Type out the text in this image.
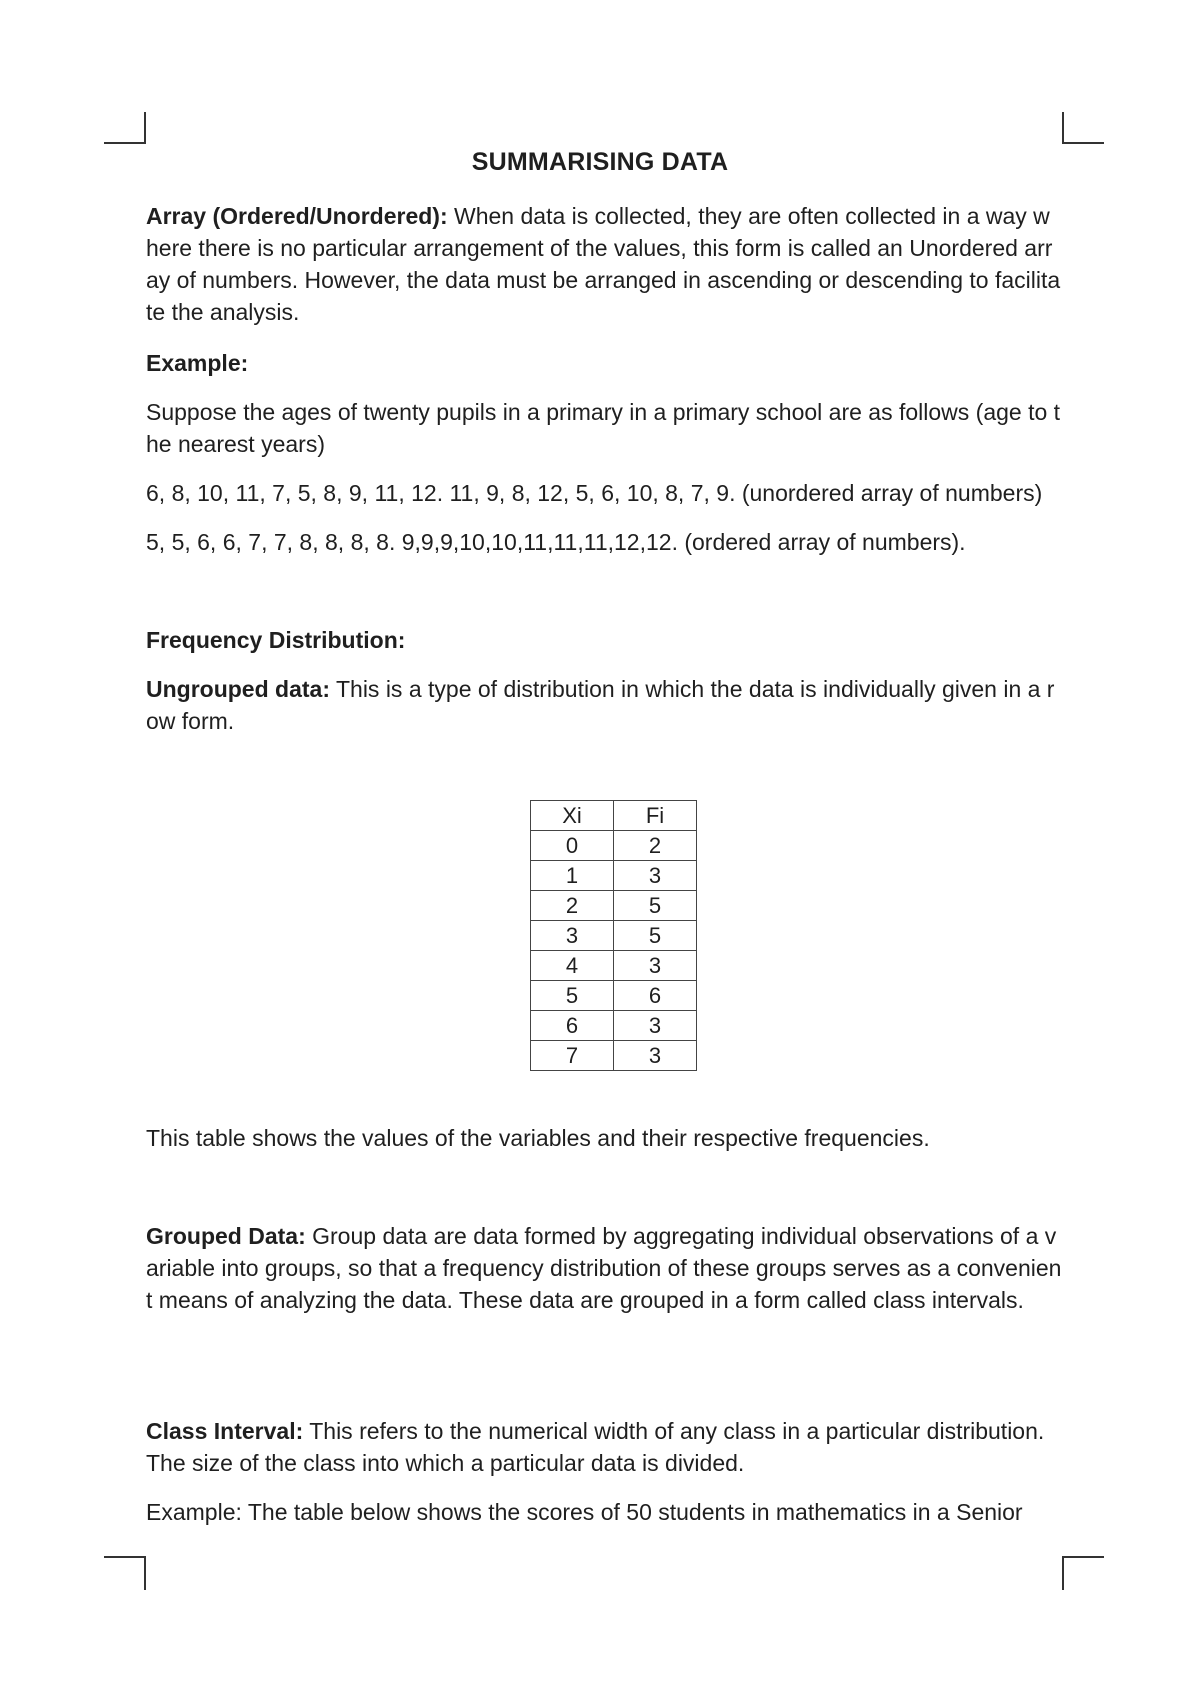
SUMMARISING DATA

Array (Ordered/Unordered): When data is collected, they are often collected in a way where there is no particular arrangement of the values, this form is called an Unordered array of numbers. However, the data must be arranged in ascending or descending to facilitate the analysis.

Example:

Suppose the ages of twenty pupils in a primary in a primary school are as follows (age to the nearest years)

6, 8, 10, 11, 7, 5, 8, 9, 11, 12. 11, 9, 8, 12, 5, 6, 10, 8, 7, 9. (unordered array of numbers)

5, 5, 6, 6, 7, 7, 8, 8, 8, 8. 9,9,9,10,10,11,11,11,12,12. (ordered array of numbers).

Frequency Distribution:

Ungrouped data: This is a type of distribution in which the data is individually given in a row form.

Xi	Fi
0	2
1	3
2	5
3	5
4	3
5	6
6	3
7	3

This table shows the values of the variables and their respective frequencies.

Grouped Data: Group data are data formed by aggregating individual observations of a variable into groups, so that a frequency distribution of these groups serves as a convenient means of analyzing the data. These data are grouped in a form called class intervals.

Class Interval: This refers to the numerical width of any class in a particular distribution. The size of the class into which a particular data is divided.

Example: The table below shows the scores of 50 students in mathematics in a Senior
